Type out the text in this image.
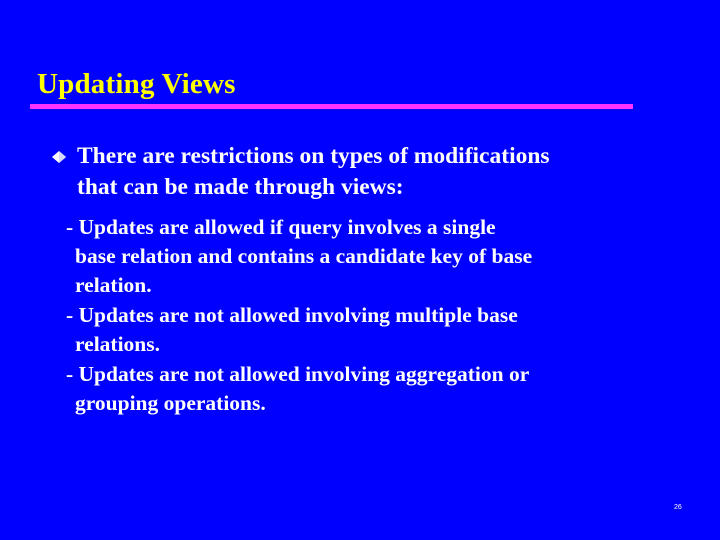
Updating Views
There are restrictions on types of modifications
that can be made through views:
- Updates are allowed if query involves a single
base relation and contains a candidate key of base
relation.
- Updates are not allowed involving multiple base
relations.
- Updates are not allowed involving aggregation or
grouping operations.
26
